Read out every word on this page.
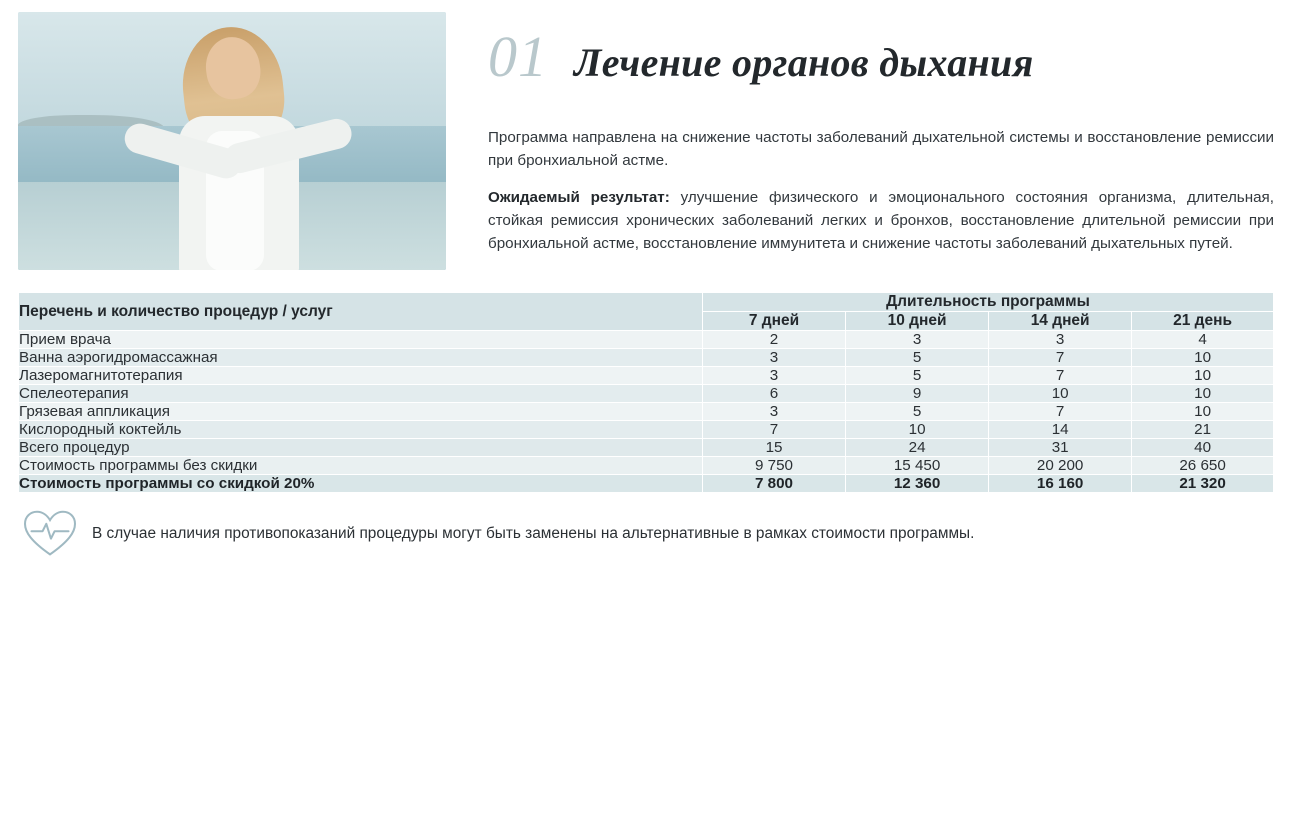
01 Лечение органов дыхания

Программа направлена на снижение частоты заболеваний дыхательной системы и восстановление ремиссии при бронхиальной астме.

Ожидаемый результат: улучшение физического и эмоционального состояния организма, длительная, стойкая ремиссия хронических заболеваний легких и бронхов, восстановление длительной ремиссии при бронхиальной астме, восстановление иммунитета и снижение частоты заболеваний дыхательных путей.

Перечень и количество процедур / услуг	Длительность программы			
	7 дней	10 дней	14 дней	21 день
Прием врача	2	3	3	4
Ванна аэрогидромассажная	3	5	7	10
Лазеромагнитотерапия	3	5	7	10
Спелеотерапия	6	9	10	10
Грязевая аппликация	3	5	7	10
Кислородный коктейль	7	10	14	21
Всего процедур	15	24	31	40
Стоимость программы без скидки	9 750	15 450	20 200	26 650
Стоимость программы со скидкой 20%	7 800	12 360	16 160	21 320
В случае наличия противопоказаний процедуры могут быть заменены на альтернативные в рамках стоимости программы.
